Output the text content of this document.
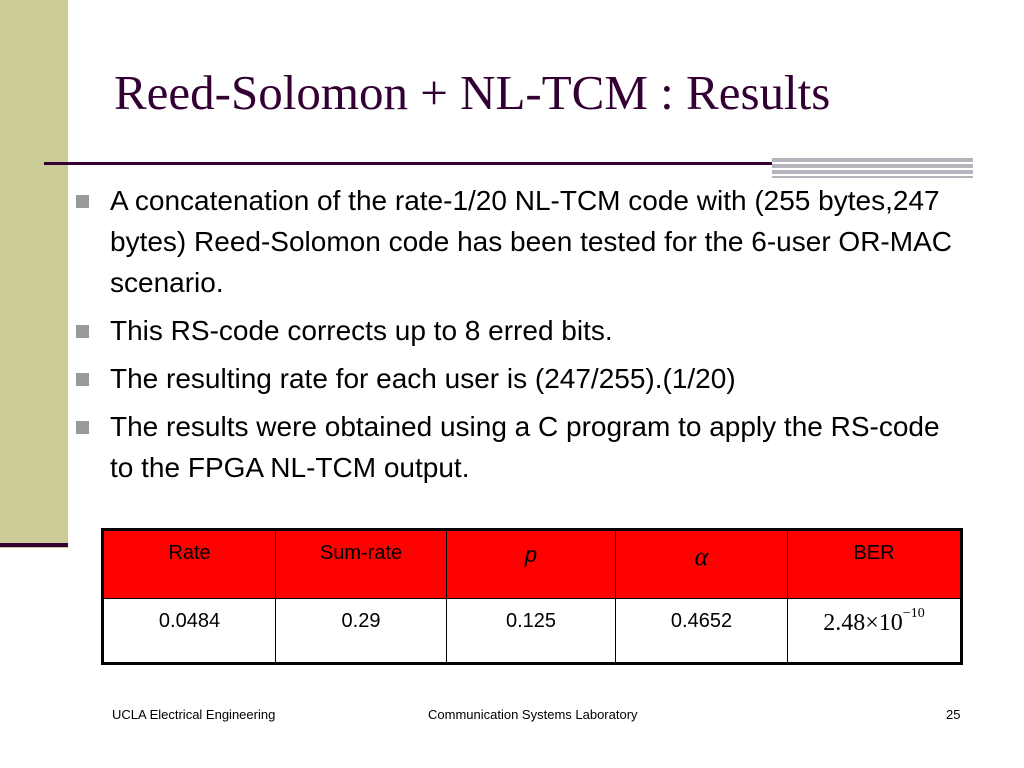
Reed-Solomon + NL-TCM : Results
A concatenation of the rate-1/20 NL-TCM code with (255 bytes,247 bytes) Reed-Solomon code has been tested for the 6-user OR-MAC scenario.
This RS-code corrects up to 8 erred bits.
The resulting rate for each user is (247/255).(1/20)
The results were obtained using a C program to apply the RS-code to the FPGA NL-TCM output.
Rate	Sum-rate	p	α	BER
0.0484	0.29	0.125	0.4652	$2.48\times 10^{-10}$
UCLA Electrical Engineering	Communication Systems Laboratory	25
